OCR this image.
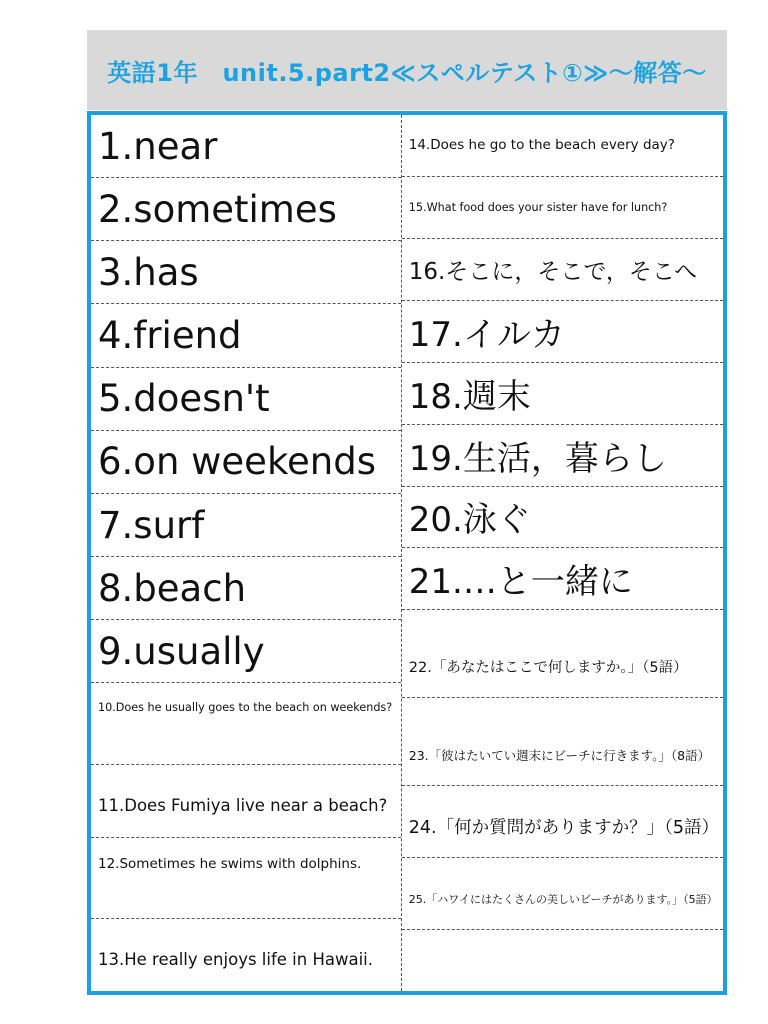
英語1年　unit.5.part2≪スペルテスト①≫～解答～
1.near
2.sometimes
3.has
4.friend
5.doesn't
6.on weekends
7.surf
8.beach
9.usually
10.Does he usually goes to the beach on weekends?
11.Does Fumiya live near a beach?
12.Sometimes he swims with dolphins.
13.He really enjoys life in Hawaii.
14.Does he go to the beach every day?
15.What food does your sister have for lunch?
16.そこに，そこで，そこへ
17.イルカ
18.週末
19.生活，暮らし
20.泳ぐ
21.…と一緒に
22.「あなたはここで何しますか。」（5語）
23.「彼はたいてい週末にビーチに行きます。」（8語）
24.「何か質問がありますか？」（5語）
25.「ハワイにはたくさんの美しいビーチがあります。」（5語）
